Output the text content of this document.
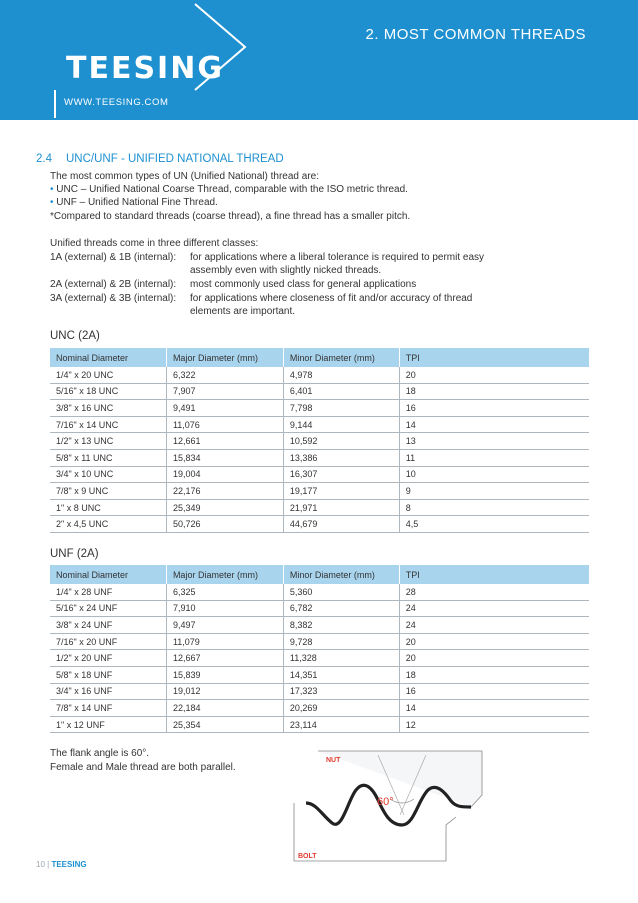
2. MOST COMMON THREADS
TEESING
WWW.TEESING.COM
2.4 UNC/UNF - UNIFIED NATIONAL THREAD
The most common types of UN (Unified National) thread are:
• UNC – Unified National Coarse Thread, comparable with the ISO metric thread.
• UNF – Unified National Fine Thread.
*Compared to standard threads (coarse thread), a fine thread has a smaller pitch.
Unified threads come in three different classes:
1A (external) & 1B (internal): for applications where a liberal tolerance is required to permit easy
assembly even with slightly nicked threads.
2A (external) & 2B (internal): most commonly used class for general applications
3A (external) & 3B (internal): for applications where closeness of fit and/or accuracy of thread
elements are important.
UNC (2A)
Nominal Diameter	Major Diameter (mm)	Minor Diameter (mm)	TPI
1/4" x 20 UNC	6,322	4,978	20
5/16" x 18 UNC	7,907	6,401	18
3/8" x 16 UNC	9,491	7,798	16
7/16" x 14 UNC	11,076	9,144	14
1/2" x 13 UNC	12,661	10,592	13
5/8" x 11 UNC	15,834	13,386	11
3/4" x 10 UNC	19,004	16,307	10
7/8" x 9 UNC	22,176	19,177	9
1" x 8 UNC	25,349	21,971	8
2" x 4,5 UNC	50,726	44,679	4,5
UNF (2A)
Nominal Diameter	Major Diameter (mm)	Minor Diameter (mm)	TPI
1/4" x 28 UNF	6,325	5,360	28
5/16" x 24 UNF	7,910	6,782	24
3/8" x 24 UNF	9,497	8,382	24
7/16" x 20 UNF	11,079	9,728	20
1/2" x 20 UNF	12,667	11,328	20
5/8" x 18 UNF	15,839	14,351	18
3/4" x 16 UNF	19,012	17,323	16
7/8" x 14 UNF	22,184	20,269	14
1" x 12 UNF	25,354	23,114	12
The flank angle is 60°.
Female and Male thread are both parallel.
NUT
BOLT
60°
10 | TEESING
